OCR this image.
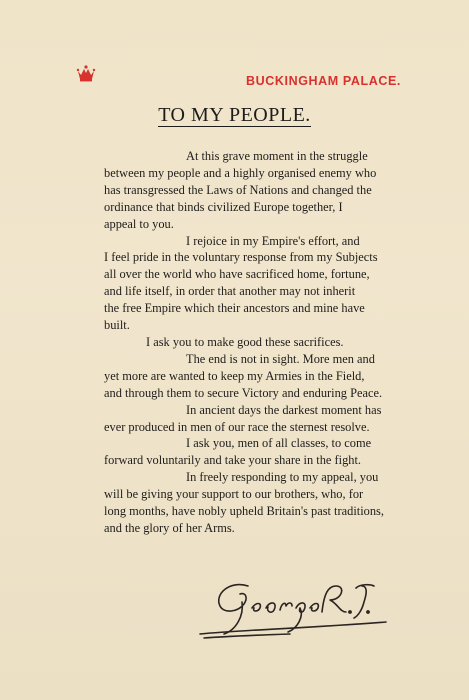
BUCKINGHAM PALACE.
TO MY PEOPLE.
At this grave moment in the struggle
between my people and a highly organised enemy who
has transgressed the Laws of Nations and changed the
ordinance that binds civilized Europe together, I
appeal to you.
I rejoice in my Empire's effort, and
I feel pride in the voluntary response from my Subjects
all over the world who have sacrificed home, fortune,
and life itself, in order that another may not inherit
the free Empire which their ancestors and mine have
built.
I ask you to make good these sacrifices.
The end is not in sight. More men and
yet more are wanted to keep my Armies in the Field,
and through them to secure Victory and enduring Peace.
In ancient days the darkest moment has
ever produced in men of our race the sternest resolve.
I ask you, men of all classes, to come
forward voluntarily and take your share in the fight.
In freely responding to my appeal, you
will be giving your support to our brothers, who, for
long months, have nobly upheld Britain's past traditions,
and the glory of her Arms.
